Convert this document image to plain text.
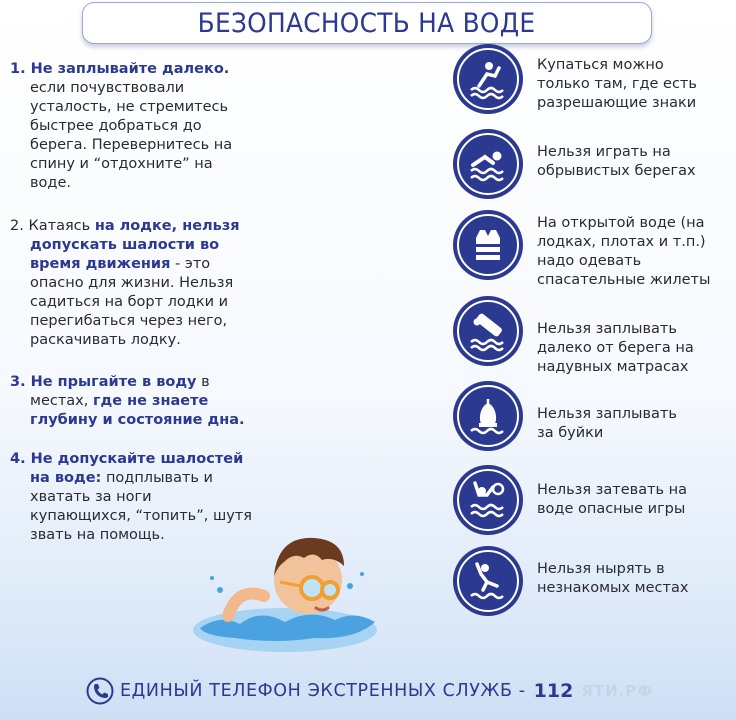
БЕЗОПАСНОСТЬ НА ВОДЕ
1. Не заплывайте далеко.
если почувствовали
усталость, не стремитесь
быстрее добраться до
берега. Перевернитесь на
спину и “отдохните” на
воде.
2. Катаясь на лодке, нельзя
допускать шалости во
время движения - это
опасно для жизни. Нельзя
садиться на борт лодки и
перегибаться через него,
раскачивать лодку.
3. Не прыгайте в воду в
местах, где не знаете
глубину и состояние дна.
4. Не допускайте шалостей
на воде: подплывать и
хватать за ноги
купающихся, “топить”, шутя
звать на помощь.
Купаться можно
только там, где есть
разрешающие знаки
Нельзя играть на
обрывистых берегах
На открытой воде (на
лодках, плотах и т.п.)
надо одевать
спасательные жилеты
Нельзя заплывать
далеко от берега на
надувных матрасах
Нельзя заплывать
за буйки
Нельзя затевать на
воде опасные игры
Нельзя нырять в
незнакомых местах
ЕДИНЫЙ ТЕЛЕФОН ЭКСТРЕННЫХ СЛУЖБ - 112 ЯТИ.РФ
